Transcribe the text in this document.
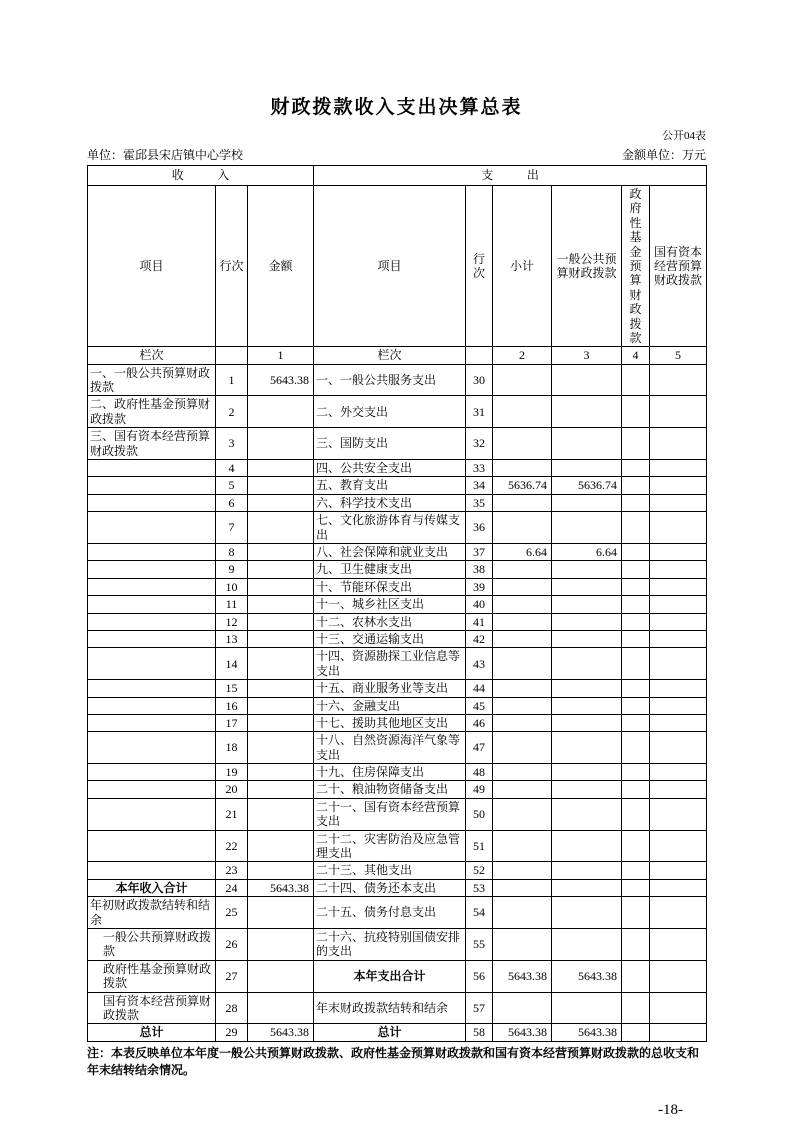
财政拨款收入支出决算总表
公开04表
单位：霍邱县宋店镇中心学校	金额单位：万元
收入			支出					
项目	行次	金额	项目	行次	小计	一般公共预算财政拨款	政府性基金预算财政拨款	国有资本经营预算财政拨款
栏次		1	栏次		2	3	4	5
一、一般公共预算财政拨款	1	5643.38	一、一般公共服务支出	30				
二、政府性基金预算财政拨款	2		二、外交支出	31				
三、国有资本经营预算财政拨款	3		三、国防支出	32				
	4		四、公共安全支出	33				
	5		五、教育支出	34	5636.74	5636.74		
	6		六、科学技术支出	35				
	7		七、文化旅游体育与传媒支出	36				
	8		八、社会保障和就业支出	37	6.64	6.64		
	9		九、卫生健康支出	38				
	10		十、节能环保支出	39				
	11		十一、城乡社区支出	40				
	12		十二、农林水支出	41				
	13		十三、交通运输支出	42				
	14		十四、资源勘探工业信息等支出	43				
	15		十五、商业服务业等支出	44				
	16		十六、金融支出	45				
	17		十七、援助其他地区支出	46				
	18		十八、自然资源海洋气象等支出	47				
	19		十九、住房保障支出	48				
	20		二十、粮油物资储备支出	49				
	21		二十一、国有资本经营预算支出	50				
	22		二十二、灾害防治及应急管理支出	51				
	23		二十三、其他支出	52				
本年收入合计	24	5643.38	二十四、债务还本支出	53				
年初财政拨款结转和结余	25		二十五、债务付息支出	54				
一般公共预算财政拨款	26		二十六、抗疫特别国债安排的支出	55				
政府性基金预算财政拨款	27		本年支出合计	56	5643.38	5643.38		
国有资本经营预算财政拨款	28		年末财政拨款结转和结余	57				
总计	29	5643.38	总计	58	5643.38	5643.38		

注：本表反映单位本年度一般公共预算财政拨款、政府性基金预算财政拨款和国有资本经营预算财政拨款的总收支和年末结转结余情况。

-18-
